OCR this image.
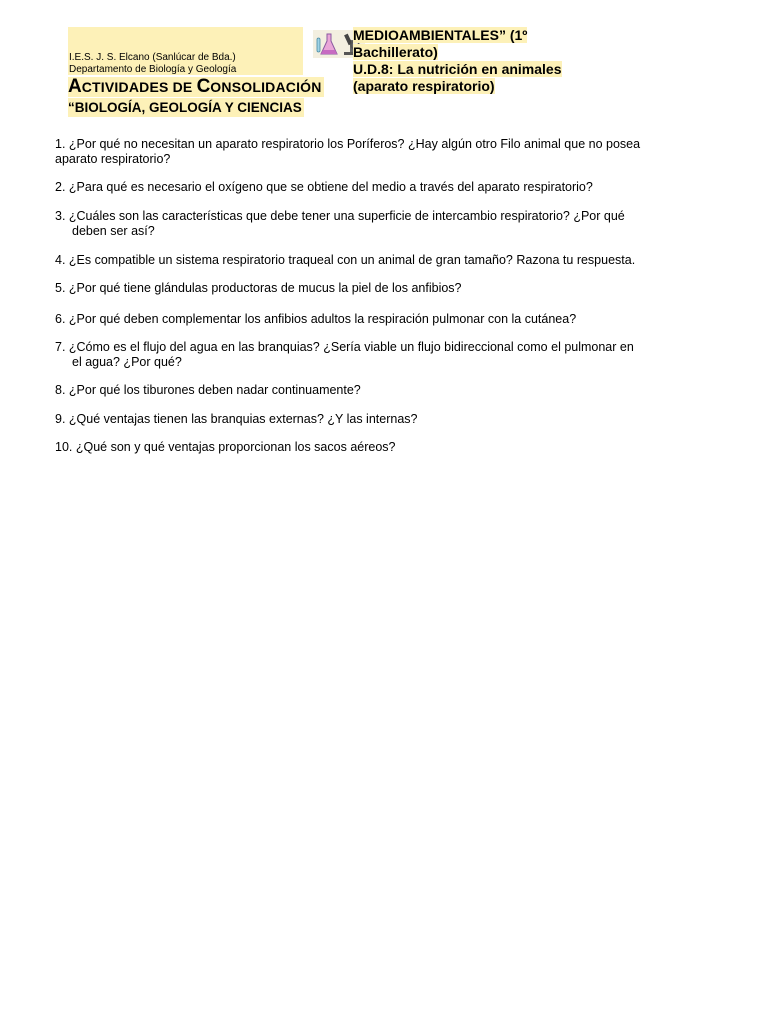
I.E.S. J. S. Elcano (Sanlúcar de Bda.)
Departamento de Biología y Geología
ACTIVIDADES DE CONSOLIDACIÓN
“BIOLOGÍA, GEOLOGÍA Y CIENCIAS
MEDIOAMBIENTALES” (1º
Bachillerato)
U.D.8: La nutrición en animales
(aparato respiratorio)
1. ¿Por qué no necesitan un aparato respiratorio los Poríferos? ¿Hay algún otro Filo animal que no posea
aparato respiratorio?
2. ¿Para qué es necesario el oxígeno que se obtiene del medio a través del aparato respiratorio?
3. ¿Cuáles son las características que debe tener una superficie de intercambio respiratorio? ¿Por qué
deben ser así?
4. ¿Es compatible un sistema respiratorio traqueal con un animal de gran tamaño? Razona tu respuesta.
5. ¿Por qué tiene glándulas productoras de mucus la piel de los anfibios?
6. ¿Por qué deben complementar los anfibios adultos la respiración pulmonar con la cutánea?
7. ¿Cómo es el flujo del agua en las branquias? ¿Sería viable un flujo bidireccional como el pulmonar en
el agua? ¿Por qué?
8. ¿Por qué los tiburones deben nadar continuamente?
9. ¿Qué ventajas tienen las branquias externas? ¿Y las internas?
10. ¿Qué son y qué ventajas proporcionan los sacos aéreos?
